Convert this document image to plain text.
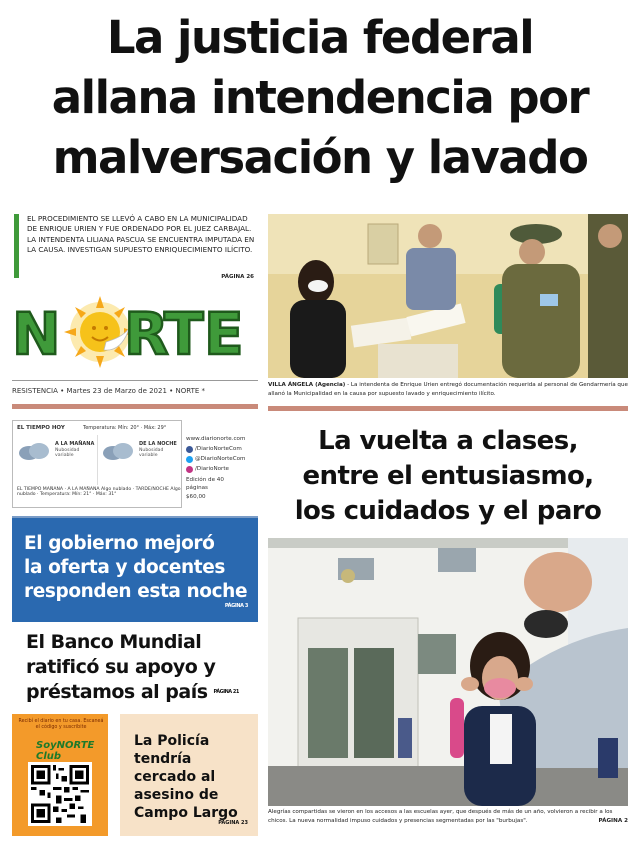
La justicia federal
allana intendencia por
malversación y lavado
EL PROCEDIMIENTO SE LLEVÓ A CABO EN LA MUNICIPALIDAD DE ENRIQUE URIEN Y FUE ORDENADO POR EL JUEZ CARBAJAL. LA INTENDENTA LILIANA PASCUA SE ENCUENTRA IMPUTADA EN LA CAUSA. INVESTIGAN SUPUESTO ENRIQUECIMIENTO ILÍCITO.
PÁGINA 26
N R
T E
NORTE
RESISTENCIA • Martes 23 de Marzo de 2021 • NORTE *
VILLA ÁNGELA (Agencia) - La intendenta de Enrique Urien entregó documentación requerida al personal de Gendarmería que allanó la Municipalidad en la causa por supuesto lavado y enriquecimiento ilícito.
EL TIEMPO HOY	Temperatura: Mín: 20° · Máx: 29°
A LA MAÑANA
Nubosidad variable
DE LA NOCHE
Nubosidad variable
EL TIEMPO MAÑANA · A LA MAÑANA Algo nublado · TARDE/NOCHE Algo nublado · Temperatura: Mín: 21° · Máx: 31°
www.diarionorte.com
/DiarioNorteCom
@DiarioNorteCom
/DiarioNorte
Edición de 40 páginas
$60,00
La vuelta a clases,
entre el entusiasmo,
los cuidados y el paro
El gobierno mejoró
la oferta y docentes
responden esta noche
PÁGINA 3
El Banco Mundial
ratificó su apoyo y
préstamos al país PÁGINA 21
Recibí el diario en tu casa. Escaneá el código y suscribite
SoyNORTE Club
La Policía
tendría
cercado al
asesino de
Campo Largo
PÁGINA 23
Alegrías compartidas se vieron en los accesos a las escuelas ayer, que después de más de un año, volvieron a recibir a los chicos. La nueva normalidad impuso cuidados y presencias segmentadas por las "burbujas".	PÁGINA 2
